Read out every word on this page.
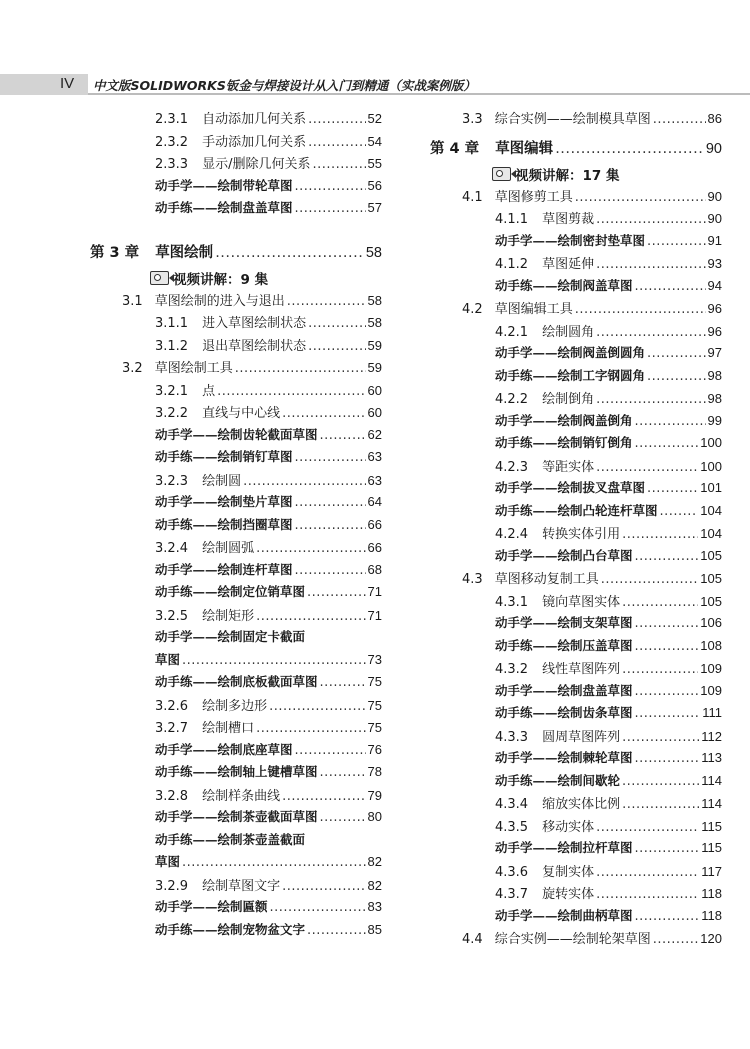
IV 中文版SOLIDWORKS钣金与焊接设计从入门到精通（实战案例版）
2.3.1 自动添加几何关系 .....	52
2.3.2 手动添加几何关系 .....	54
2.3.3 显示/删除几何关系 .....	55
动手学——绘制带轮草图 .....	56
动手练——绘制盘盖草图 .....	57
第 3 章 草图绘制 .....	58
视频讲解：9 集
3.1 草图绘制的进入与退出 .....	58
3.1.1 进入草图绘制状态 .....	58
3.1.2 退出草图绘制状态 .....	59
3.2 草图绘制工具 .....	59
3.2.1 点 .....	60
3.2.2 直线与中心线 .....	60
动手学——绘制齿轮截面草图 .....	62
动手练——绘制销钉草图 .....	63
3.2.3 绘制圆 .....	63
动手学——绘制垫片草图 .....	64
动手练——绘制挡圈草图 .....	66
3.2.4 绘制圆弧 .....	66
动手学——绘制连杆草图 .....	68
动手练——绘制定位销草图 .....	71
3.2.5 绘制矩形 .....	71
动手学——绘制固定卡截面
草图 .....	73
动手练——绘制底板截面草图 .....	75
3.2.6 绘制多边形 .....	75
3.2.7 绘制槽口 .....	75
动手学——绘制底座草图 .....	76
动手练——绘制轴上键槽草图 .....	78
3.2.8 绘制样条曲线 .....	79
动手学——绘制茶壶截面草图 .....	80
动手练——绘制茶壶盖截面
草图 .....	82
3.2.9 绘制草图文字 .....	82
动手学——绘制匾额 .....	83
动手练——绘制宠物盆文字 .....	85
3.3 综合实例——绘制模具草图 .....	86
第 4 章 草图编辑 .....	90
视频讲解：17 集
4.1 草图修剪工具 .....	90
4.1.1 草图剪裁 .....	90
动手学——绘制密封垫草图 .....	91
4.1.2 草图延伸 .....	93
动手练——绘制阀盖草图 .....	94
4.2 草图编辑工具 .....	96
4.2.1 绘制圆角 .....	96
动手学——绘制阀盖倒圆角 .....	97
动手练——绘制工字钢圆角 .....	98
4.2.2 绘制倒角 .....	98
动手学——绘制阀盖倒角 .....	99
动手练——绘制销钉倒角 .....	100
4.2.3 等距实体 .....	100
动手学——绘制拔叉盘草图 .....	101
动手练——绘制凸轮连杆草图 .....	104
4.2.4 转换实体引用 .....	104
动手学——绘制凸台草图 .....	105
4.3 草图移动复制工具 .....	105
4.3.1 镜向草图实体 .....	105
动手学——绘制支架草图 .....	106
动手练——绘制压盖草图 .....	108
4.3.2 线性草图阵列 .....	109
动手学——绘制盘盖草图 .....	109
动手练——绘制齿条草图 .....	111
4.3.3 圆周草图阵列 .....	112
动手学——绘制棘轮草图 .....	113
动手练——绘制间歇轮 .....	114
4.3.4 缩放实体比例 .....	114
4.3.5 移动实体 .....	115
动手学——绘制拉杆草图 .....	115
4.3.6 复制实体 .....	117
4.3.7 旋转实体 .....	118
动手学——绘制曲柄草图 .....	118
4.4 综合实例——绘制轮架草图 .....	120
